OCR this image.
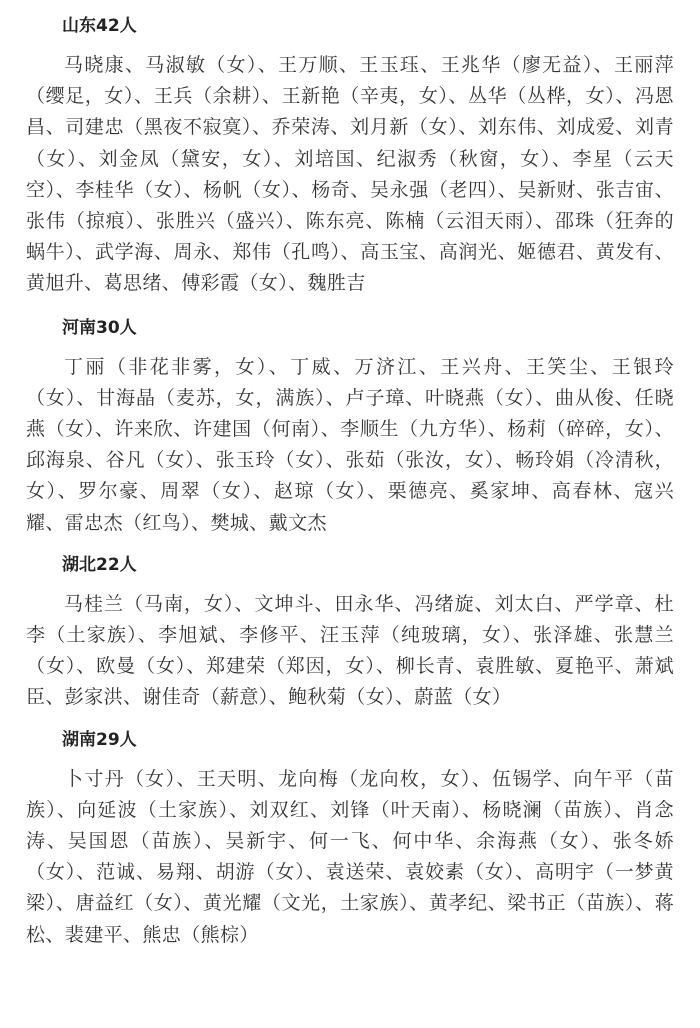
山东42人

马晓康、马淑敏（女）、王万顺、王玉珏、王兆华（廖无益）、王丽萍（缨足，女）、王兵（余耕）、王新艳（辛夷，女）、丛华（丛桦，女）、冯恩昌、司建忠（黑夜不寂寞）、乔荣涛、刘月新（女）、刘东伟、刘成爱、刘青（女）、刘金凤（黛安，女）、刘培国、纪淑秀（秋窗，女）、李星（云天空）、李桂华（女）、杨帆（女）、杨奇、吴永强（老四）、吴新财、张吉宙、张伟（掠痕）、张胜兴（盛兴）、陈东亮、陈楠（云泪天雨）、邵珠（狂奔的蜗牛）、武学海、周永、郑伟（孔鸣）、高玉宝、高润光、姬德君、黄发有、黄旭升、葛思绪、傅彩霞（女）、魏胜吉

河南30人

丁丽（非花非雾，女）、丁威、万济江、王兴舟、王笑尘、王银玲（女）、甘海晶（麦苏，女，满族）、卢子璋、叶晓燕（女）、曲从俊、任晓燕（女）、许来欣、许建国（何南）、李顺生（九方华）、杨莉（碎碎，女）、邱海泉、谷凡（女）、张玉玲（女）、张茹（张汝，女）、畅玲娟（冷清秋，女）、罗尔豪、周翠（女）、赵琼（女）、栗德亮、奚家坤、高春林、寇兴耀、雷忠杰（红鸟）、樊城、戴文杰

湖北22人

马桂兰（马南，女）、文坤斗、田永华、冯绪旋、刘太白、严学章、杜李（土家族）、李旭斌、李修平、汪玉萍（纯玻璃，女）、张泽雄、张慧兰（女）、欧曼（女）、郑建荣（郑因，女）、柳长青、袁胜敏、夏艳平、萧斌臣、彭家洪、谢佳奇（薪意）、鲍秋菊（女）、蔚蓝（女）

湖南29人

卜寸丹（女）、王天明、龙向梅（龙向枚，女）、伍锡学、向午平（苗族）、向延波（土家族）、刘双红、刘锋（叶天南）、杨晓澜（苗族）、肖念涛、吴国恩（苗族）、吴新宇、何一飞、何中华、余海燕（女）、张冬娇（女）、范诚、易翔、胡游（女）、袁送荣、袁姣素（女）、高明宇（一梦黄梁）、唐益红（女）、黄光耀（文光，土家族）、黄孝纪、梁书正（苗族）、蒋松、裴建平、熊忠（熊棕）
